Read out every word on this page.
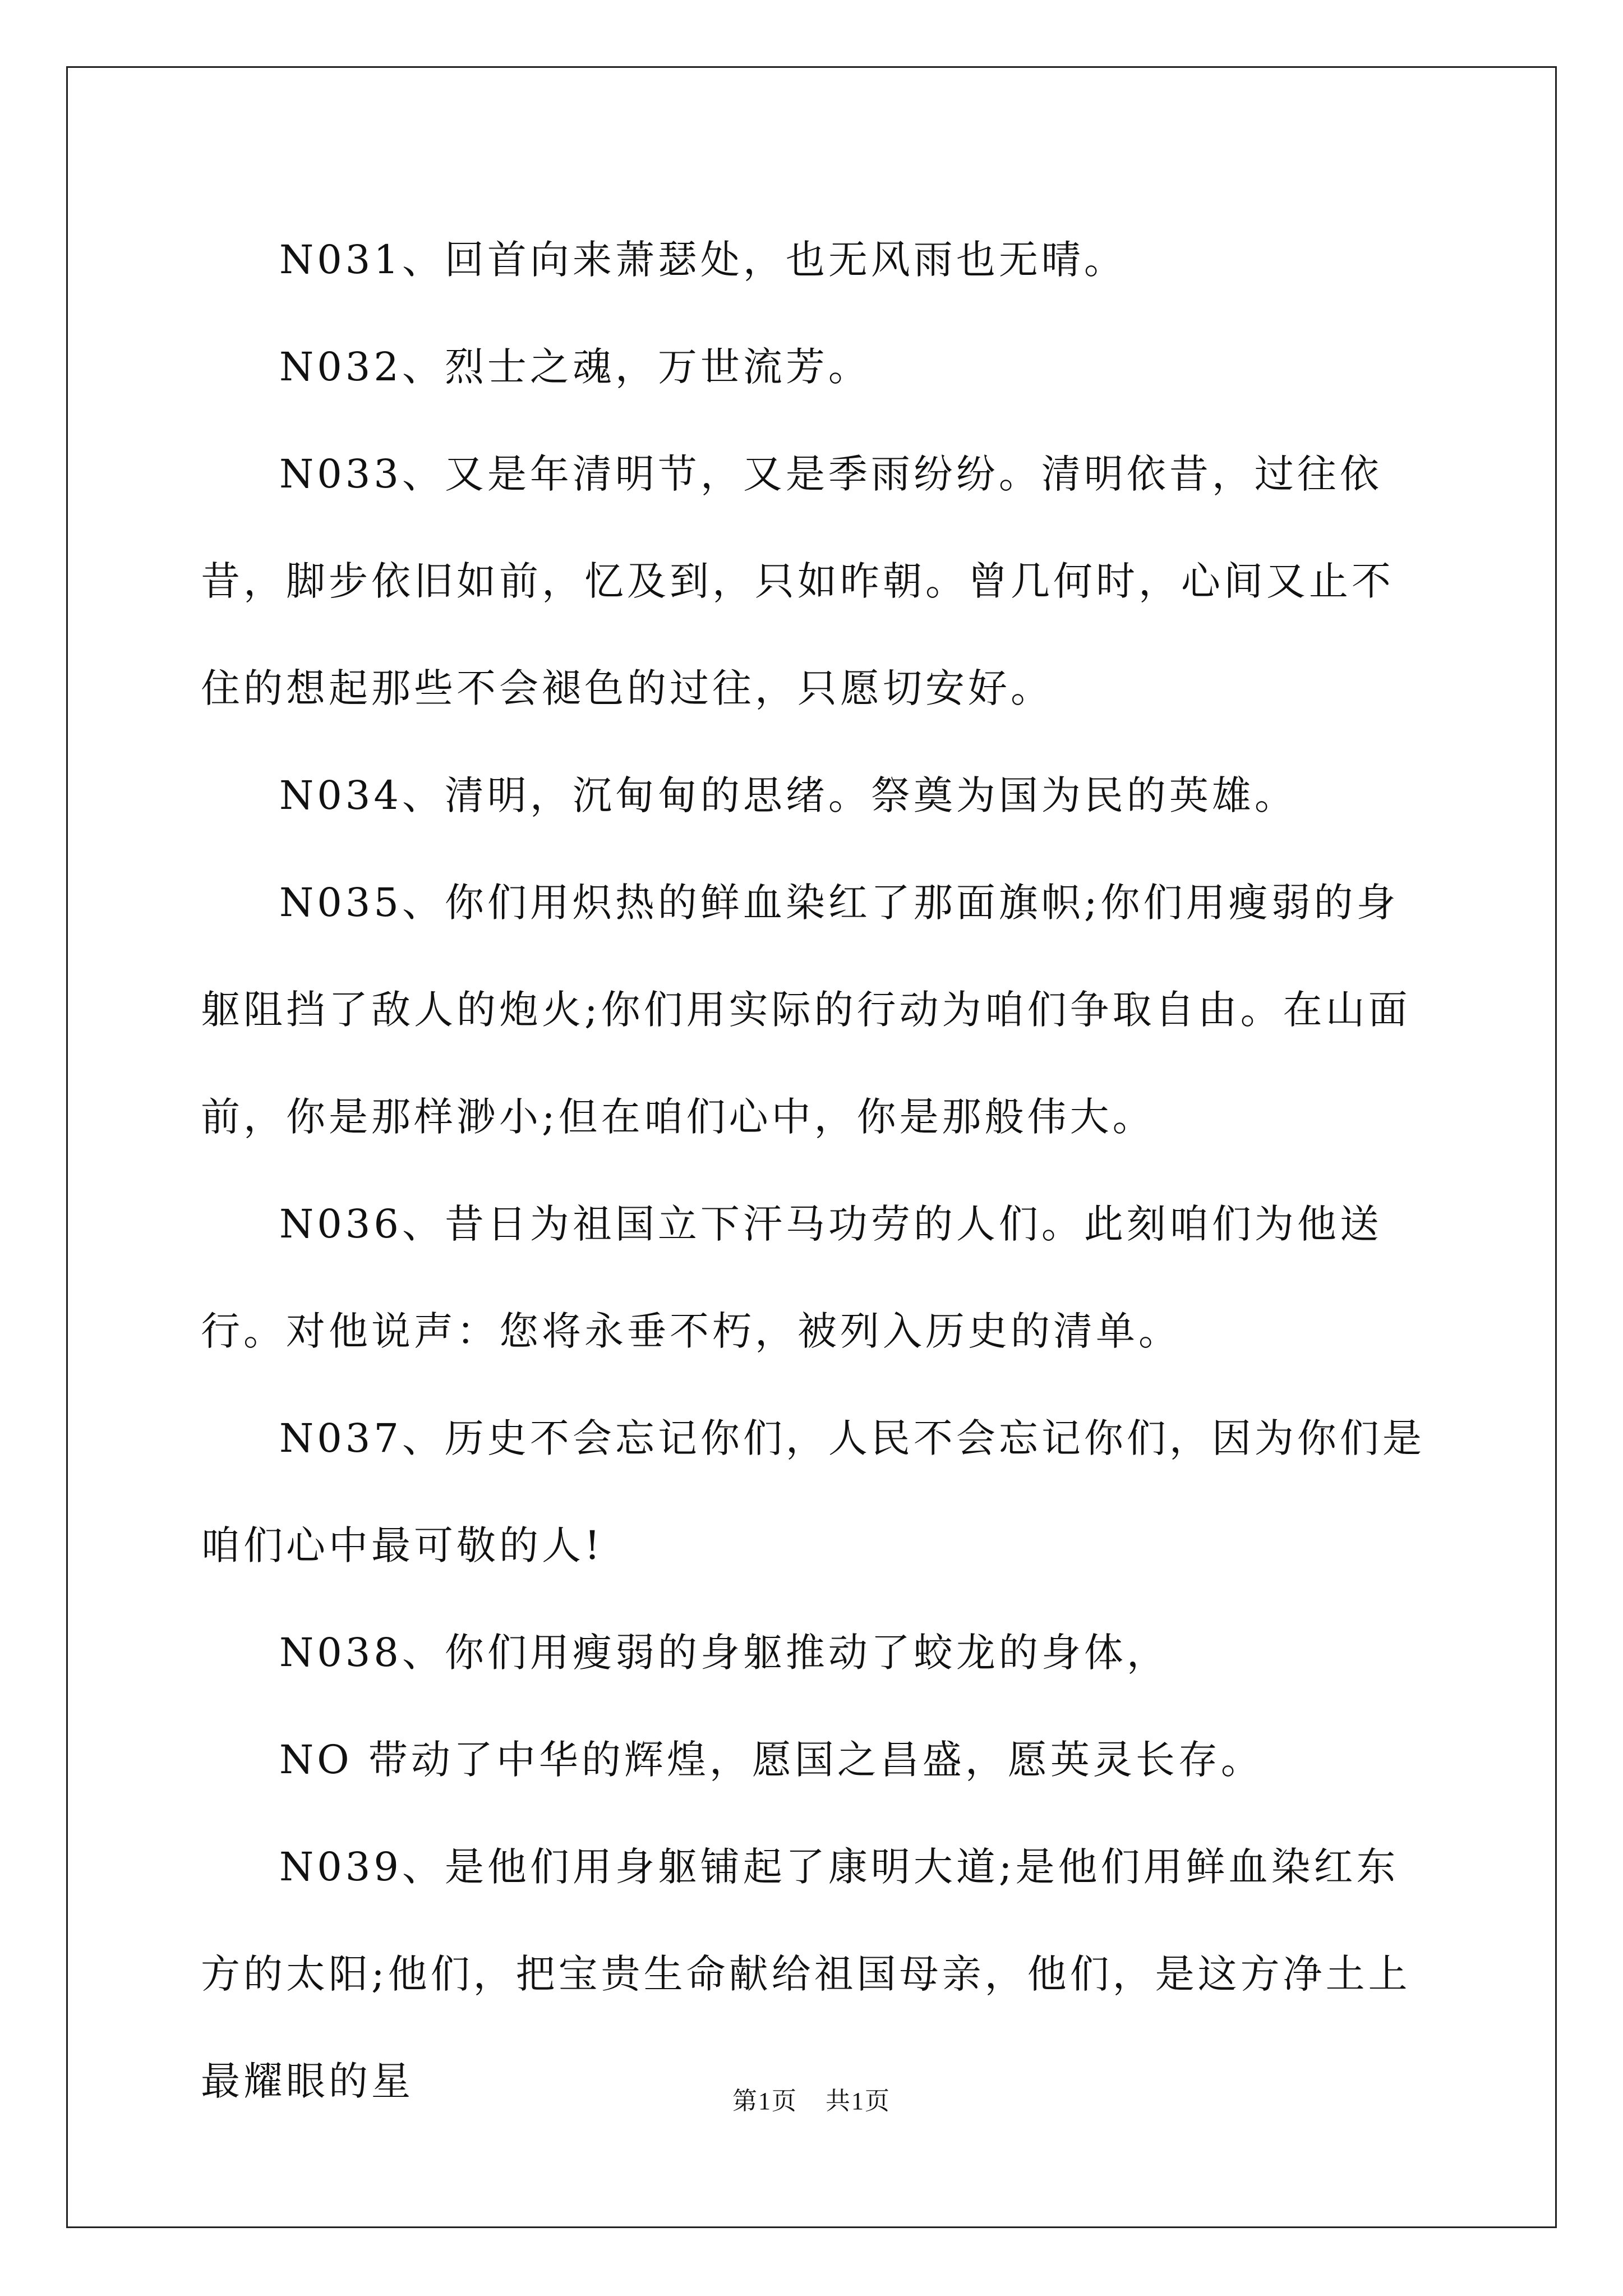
N031、回首向来萧瑟处，也无风雨也无晴。

N032、烈士之魂，万世流芳。

N033、又是年清明节，又是季雨纷纷。清明依昔，过往依昔，脚步依旧如前，忆及到，只如昨朝。曾几何时，心间又止不住的想起那些不会褪色的过往，只愿切安好。

N034、清明，沉甸甸的思绪。祭奠为国为民的英雄。

N035、你们用炽热的鲜血染红了那面旗帜;你们用瘦弱的身躯阻挡了敌人的炮火;你们用实际的行动为咱们争取自由。在山面前，你是那样渺小;但在咱们心中，你是那般伟大。

N036、昔日为祖国立下汗马功劳的人们。此刻咱们为他送行。对他说声：您将永垂不朽，被列入历史的清单。

N037、历史不会忘记你们，人民不会忘记你们，因为你们是咱们心中最可敬的人!

N038、你们用瘦弱的身躯推动了蛟龙的身体，

NO 带动了中华的辉煌，愿国之昌盛，愿英灵长存。

N039、是他们用身躯铺起了康明大道;是他们用鲜血染红东方的太阳;他们，把宝贵生命献给祖国母亲，他们，是这方净土上最耀眼的星	第1页 共1页
